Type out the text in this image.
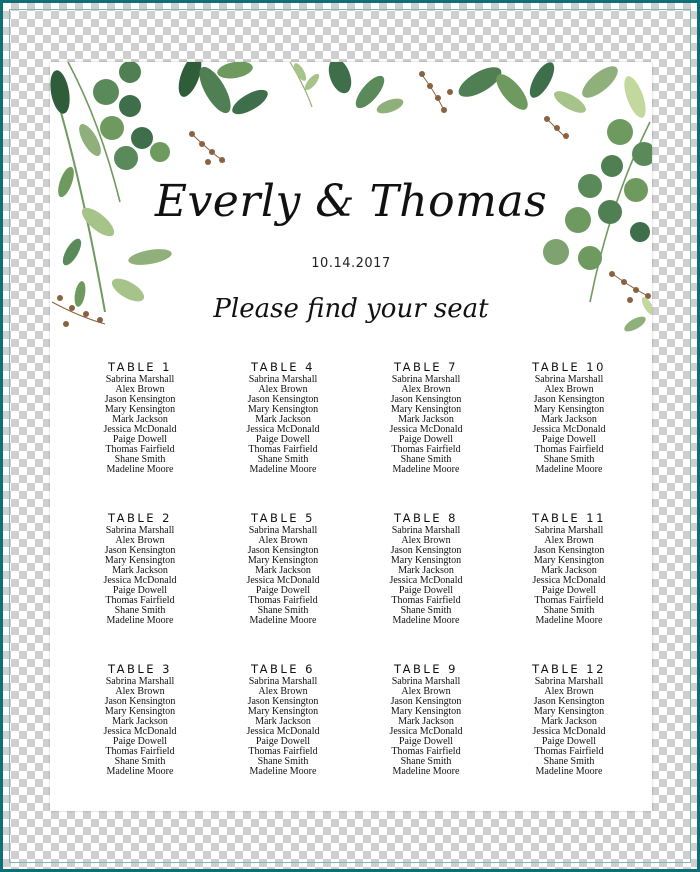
Everly & Thomas
10.14.2017
Please find your seat
TABLE 1
Sabrina Marshall
Alex Brown
Jason Kensington
Mary Kensington
Mark Jackson
Jessica McDonald
Paige Dowell
Thomas Fairfield
Shane Smith
Madeline Moore
TABLE 4
Sabrina Marshall
Alex Brown
Jason Kensington
Mary Kensington
Mark Jackson
Jessica McDonald
Paige Dowell
Thomas Fairfield
Shane Smith
Madeline Moore
TABLE 7
Sabrina Marshall
Alex Brown
Jason Kensington
Mary Kensington
Mark Jackson
Jessica McDonald
Paige Dowell
Thomas Fairfield
Shane Smith
Madeline Moore
TABLE 10
Sabrina Marshall
Alex Brown
Jason Kensington
Mary Kensington
Mark Jackson
Jessica McDonald
Paige Dowell
Thomas Fairfield
Shane Smith
Madeline Moore
TABLE 2
Sabrina Marshall
Alex Brown
Jason Kensington
Mary Kensington
Mark Jackson
Jessica McDonald
Paige Dowell
Thomas Fairfield
Shane Smith
Madeline Moore
TABLE 5
Sabrina Marshall
Alex Brown
Jason Kensington
Mary Kensington
Mark Jackson
Jessica McDonald
Paige Dowell
Thomas Fairfield
Shane Smith
Madeline Moore
TABLE 8
Sabrina Marshall
Alex Brown
Jason Kensington
Mary Kensington
Mark Jackson
Jessica McDonald
Paige Dowell
Thomas Fairfield
Shane Smith
Madeline Moore
TABLE 11
Sabrina Marshall
Alex Brown
Jason Kensington
Mary Kensington
Mark Jackson
Jessica McDonald
Paige Dowell
Thomas Fairfield
Shane Smith
Madeline Moore
TABLE 3
Sabrina Marshall
Alex Brown
Jason Kensington
Mary Kensington
Mark Jackson
Jessica McDonald
Paige Dowell
Thomas Fairfield
Shane Smith
Madeline Moore
TABLE 6
Sabrina Marshall
Alex Brown
Jason Kensington
Mary Kensington
Mark Jackson
Jessica McDonald
Paige Dowell
Thomas Fairfield
Shane Smith
Madeline Moore
TABLE 9
Sabrina Marshall
Alex Brown
Jason Kensington
Mary Kensington
Mark Jackson
Jessica McDonald
Paige Dowell
Thomas Fairfield
Shane Smith
Madeline Moore
TABLE 12
Sabrina Marshall
Alex Brown
Jason Kensington
Mary Kensington
Mark Jackson
Jessica McDonald
Paige Dowell
Thomas Fairfield
Shane Smith
Madeline Moore
